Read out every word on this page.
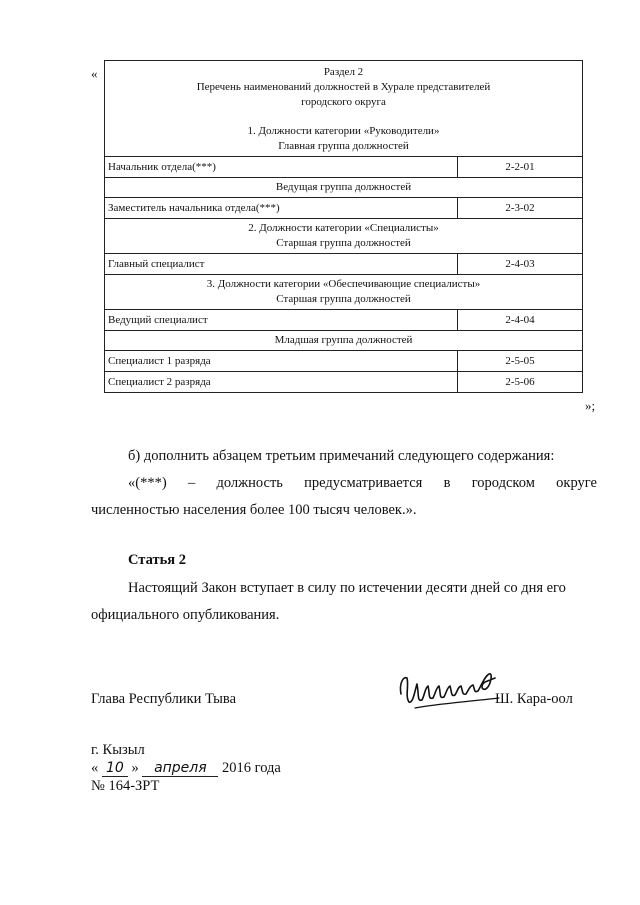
«	Раздел 2
Перечень наименований должностей в Хурале представителей
городского округа
1. Должности категории «Руководители»
Главная группа должностей	

Начальник отдела(***)	2-2-01
Ведущая группа должностей	
Заместитель начальника отдела(***)	2-3-02

2. Должности категории «Специалисты»
Старшая группа должностей	

Главный специалист	2-4-03

3. Должности категории «Обеспечивающие специалисты»
Старшая группа должностей	

Ведущий специалист	2-4-04
Младшая группа должностей	
Специалист 1 разряда	2-5-05
Специалист 2 разряда	2-5-06
»;
б) дополнить абзацем третьим примечаний следующего содержания:
«(***) – должность предусматривается в городском округе
численностью населения более 100 тысяч человек.».
Статья 2
Настоящий Закон вступает в силу по истечении десяти дней со дня его
официального опубликования.
Глава Республики Тыва	Ш. Кара-оол
г. Кызыл
« 10 » апреля 2016 года
№ 164-ЗРТ
